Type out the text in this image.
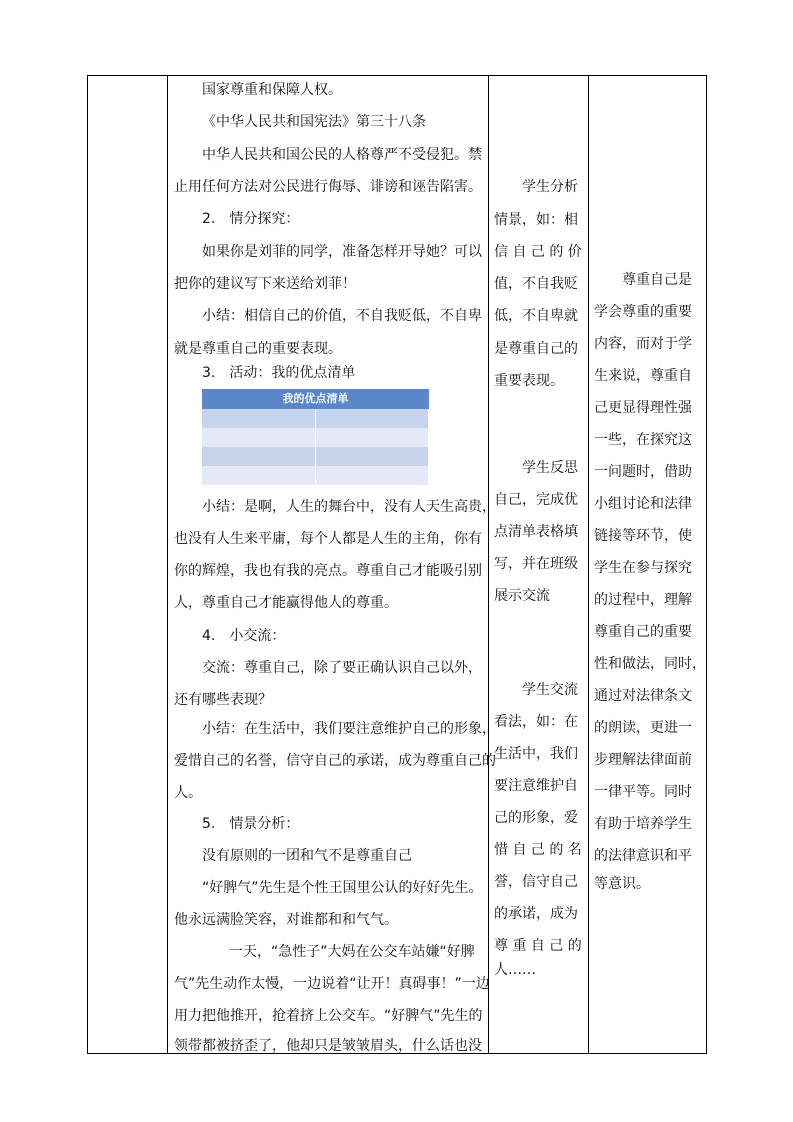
国家尊重和保障人权。
《中华人民共和国宪法》第三十八条
中华人民共和国公民的人格尊严不受侵犯。禁
止用任何方法对公民进行侮辱、诽谤和诬告陷害。
2.　情分探究：
如果你是刘菲的同学，准备怎样开导她？可以
把你的建议写下来送给刘菲！
小结：相信自己的价值，不自我贬低，不自卑
就是尊重自己的重要表现。
3.　活动：我的优点清单
我的优点清单
小结：是啊，人生的舞台中，没有人天生高贵，
也没有人生来平庸，每个人都是人生的主角，你有
你的辉煌，我也有我的亮点。尊重自己才能吸引别
人，尊重自己才能赢得他人的尊重。
4.　小交流：
交流：尊重自己，除了要正确认识自己以外，
还有哪些表现？
小结：在生活中，我们要注意维护自己的形象，
爱惜自己的名誉，信守自己的承诺，成为尊重自己的
人。
5.　情景分析：
没有原则的一团和气不是尊重自己
“好脾气”先生是个性王国里公认的好好先生。
他永远满脸笑容，对谁都和和气气。
一天，“急性子”大妈在公交车站嫌“好脾
气”先生动作太慢，一边说着“让开！真碍事！”一边
用力把他推开，抢着挤上公交车。“好脾气”先生的
领带都被挤歪了，他却只是皱皱眉头，什么话也没
学生分析
情景，如：相
信 自 己 的 价
值，不自我贬
低，不自卑就
是尊重自己的
重要表现。
学生反思
自己，完成优
点清单表格填
写，并在班级
展示交流
学生交流
看法，如：在
生活中，我们
要注意维护自
己的形象，爱
惜 自 己 的 名
誉，信守自己
的承诺，成为
尊 重 自 己 的
人……
尊重自己是
学会尊重的重要
内容，而对于学
生来说，尊重自
己更显得理性强
一些，在探究这
一问题时，借助
小组讨论和法律
链接等环节，使
学生在参与探究
的过程中，理解
尊重自己的重要
性和做法，同时，
通过对法律条文
的朗读，更进一
步理解法律面前
一律平等。同时
有助于培养学生
的法律意识和平
等意识。
